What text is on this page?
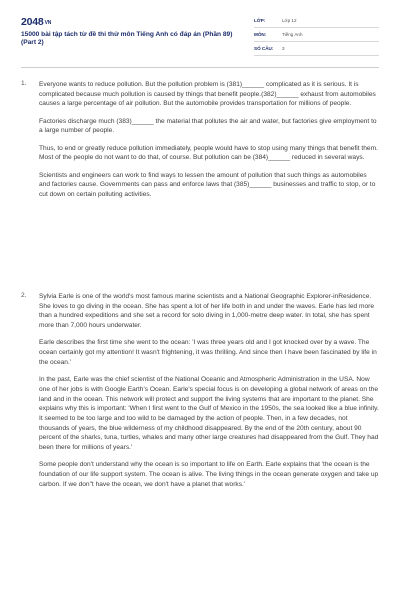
2048VN
15000 bài tập tách từ đề thi thử môn Tiếng Anh có đáp án (Phần 89) (Part 2)
LỚP:	Lớp 12
MÔN:	Tiếng Anh
SỐ CÂU:	3
1. Everyone wants to reduce pollution. But the pollution problem is (381)______ complicated as it is serious. It is complicated because much pollution is caused by things that benefit people.(382)______ exhaust from automobiles causes a large percentage of air pollution. But the automobile provides transportation for millions of people.

Factories discharge much (383)______ the material that pollutes the air and water, but factories give employment to a large number of people.

Thus, to end or greatly reduce pollution immediately, people would have to stop using many things that benefit them. Most of the people do not want to do that, of course. But pollution can be (384)______ reduced in several ways.

Scientists and engineers can work to find ways to lessen the amount of pollution that such things as automobiles and factories cause. Governments can pass and enforce laws that (385)______ businesses and traffic to stop, or to cut down on certain polluting activities.

2. Sylvia Earle is one of the world's most famous marine scientists and a National Geographic Explorer-inResidence. She loves to go diving in the ocean. She has spent a lot of her life both in and under the waves. Earle has led more than a hundred expeditions and she set a record for solo diving in 1,000-metre deep water. In total, she has spent more than 7,000 hours underwater.

Earle describes the first time she went to the ocean: 'I was three years old and I got knocked over by a wave. The ocean certainly got my attention! It wasn't frightening, it was thrilling. And since then I have been fascinated by life in the ocean.'

In the past, Earle was the chief scientist of the National Oceanic and Atmospheric Administration in the USA. Now one of her jobs is with Google Earth's Ocean. Earle's special focus is on developing a global network of areas on the land and in the ocean. This network will protect and support the living systems that are important to the planet. She explains why this is important: 'When I first went to the Gulf of Mexico in the 1950s, the sea looked like a blue infinity. It seemed to be too large and too wild to be damaged by the action of people. Then, in a few decades, not thousands of years, the blue wilderness of my childhood disappeared. By the end of the 20th century, about 90 percent of the sharks, tuna, turtles, whales and many other large creatures had disappeared from the Gulf. They had been there for millions of years.'

Some people don't understand why the ocean is so important to life on Earth. Earle explains that 'the ocean is the foundation of our life support system. The ocean is alive. The living things in the ocean generate oxygen and take up carbon. If we don"t have the ocean, we don't have a planet that works.'
